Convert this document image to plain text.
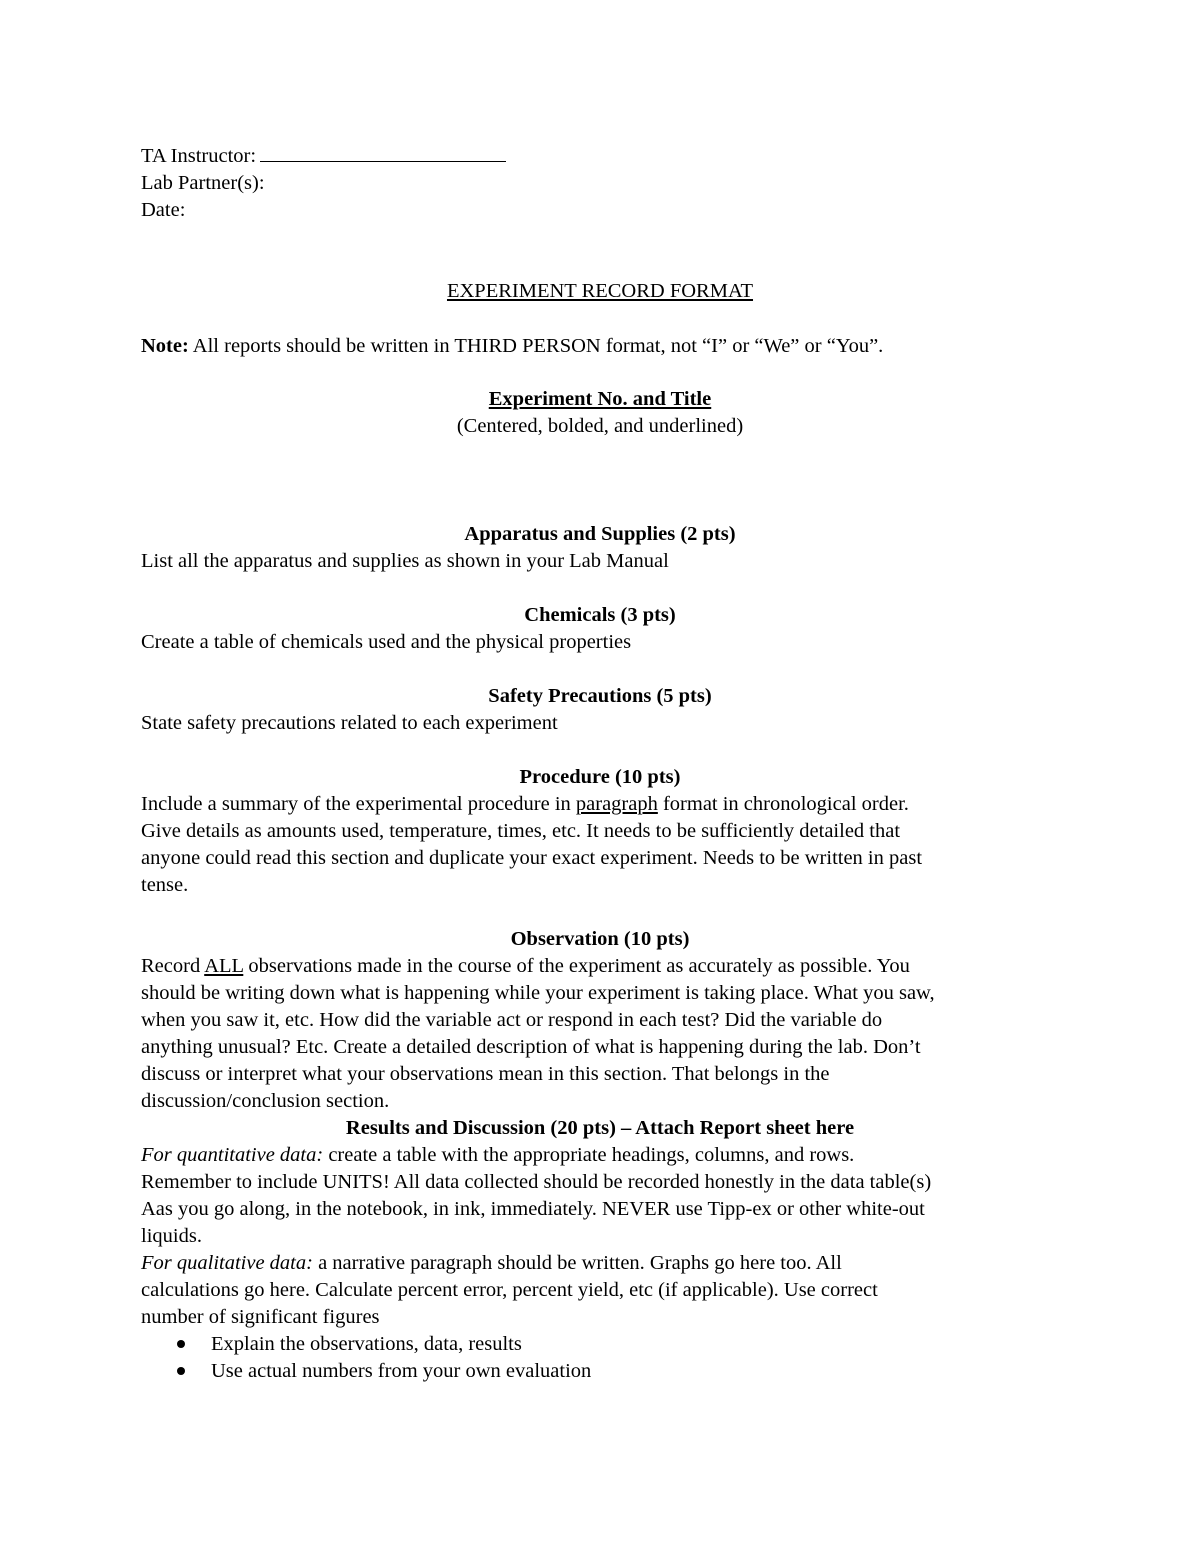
TA Instructor:
Lab Partner(s):
Date:
EXPERIMENT RECORD FORMAT
Note: All reports should be written in THIRD PERSON format, not “I” or “We” or “You”.
Experiment No. and Title
(Centered, bolded, and underlined)
Apparatus and Supplies (2 pts)
List all the apparatus and supplies as shown in your Lab Manual
Chemicals (3 pts)
Create a table of chemicals used and the physical properties
Safety Precautions (5 pts)
State safety precautions related to each experiment
Procedure (10 pts)
Include a summary of the experimental procedure in paragraph format in chronological order.
Give details as amounts used, temperature, times, etc. It needs to be sufficiently detailed that
anyone could read this section and duplicate your exact experiment. Needs to be written in past
tense.
Observation (10 pts)
Record ALL observations made in the course of the experiment as accurately as possible. You
should be writing down what is happening while your experiment is taking place. What you saw,
when you saw it, etc. How did the variable act or respond in each test? Did the variable do
anything unusual? Etc. Create a detailed description of what is happening during the lab. Don’t
discuss or interpret what your observations mean in this section. That belongs in the
discussion/conclusion section.
Results and Discussion (20 pts) – Attach Report sheet here
For quantitative data: create a table with the appropriate headings, columns, and rows.
Remember to include UNITS! All data collected should be recorded honestly in the data table(s)
Aas you go along, in the notebook, in ink, immediately. NEVER use Tipp-ex or other white-out
liquids.
For qualitative data: a narrative paragraph should be written. Graphs go here too. All
calculations go here. Calculate percent error, percent yield, etc (if applicable). Use correct
number of significant figures
Explain the observations, data, results
Use actual numbers from your own evaluation
